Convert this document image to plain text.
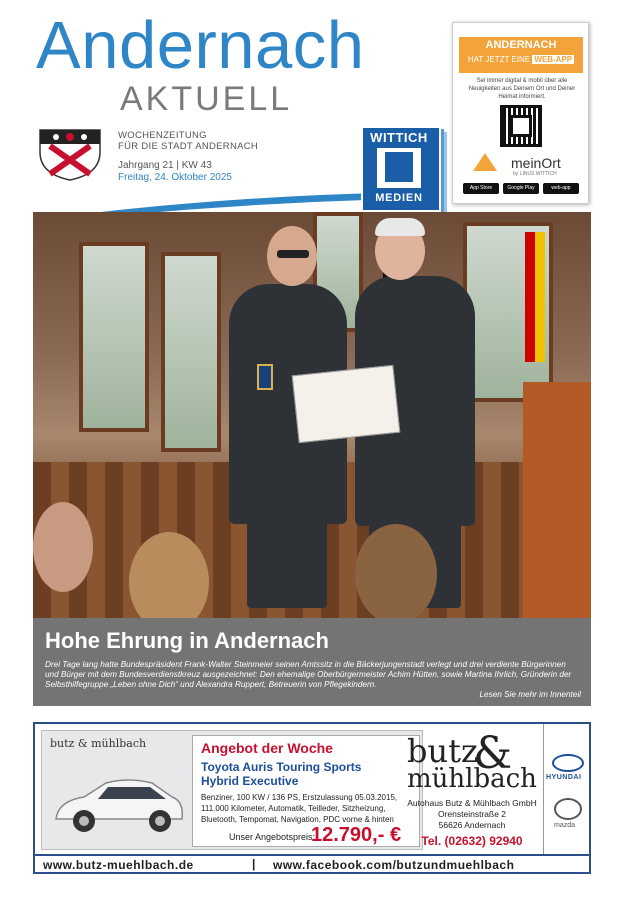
Andernach
AKTUELL
WOCHENZEITUNG
FÜR DIE STADT ANDERNACH
Jahrgang 21 | KW 43
Freitag, 24. Oktober 2025
WITTICH
MEDIEN
ANDERNACH
HAT JETZT EINE WEB-APP
Sei immer digital & mobil über alle Neuigkeiten aus Deinem Ort und Deiner Heimat informiert.
meinOrt
by LINUS WITTICH
App Store	Google Play	web-app
Hohe Ehrung in Andernach
Drei Tage lang hatte Bundespräsident Frank-Walter Steinmeier seinen Amtssitz in die Bäckerjungenstadt verlegt und drei verdiente Bürgerinnen und Bürger mit dem Bundesverdienstkreuz ausgezeichnet: Den ehemalige Oberbürgermeister Achim Hütten, sowie Martina Ihrlich, Gründerin der Selbsthilfegruppe „Leben ohne Dich“ und Alexandra Ruppert, Betreuerin von Pflegekindern.
Lesen Sie mehr im Innenteil
butz & mühlbach	Angebot der Woche
Toyota Auris Touring Sports
Hybrid Executive
Benziner, 100 KW / 136 PS, Erstzulassung 05.03.2015, 111.000 Kilometer, Automatik, Teilleder, Sitzheizung, Bluetooth, Tempomat, Navigation, PDC vorne & hinten
Unser Angebotspreis:
12.790,- €
butz
&
mühlbach
Autohaus Butz & Mühlbach GmbH
Orensteinstraße 2
56626 Andernach
Tel. (02632) 92940
HYUNDAI
mazda
www.butz-muehlbach.de	| www.facebook.com/butzundmuehlbach
